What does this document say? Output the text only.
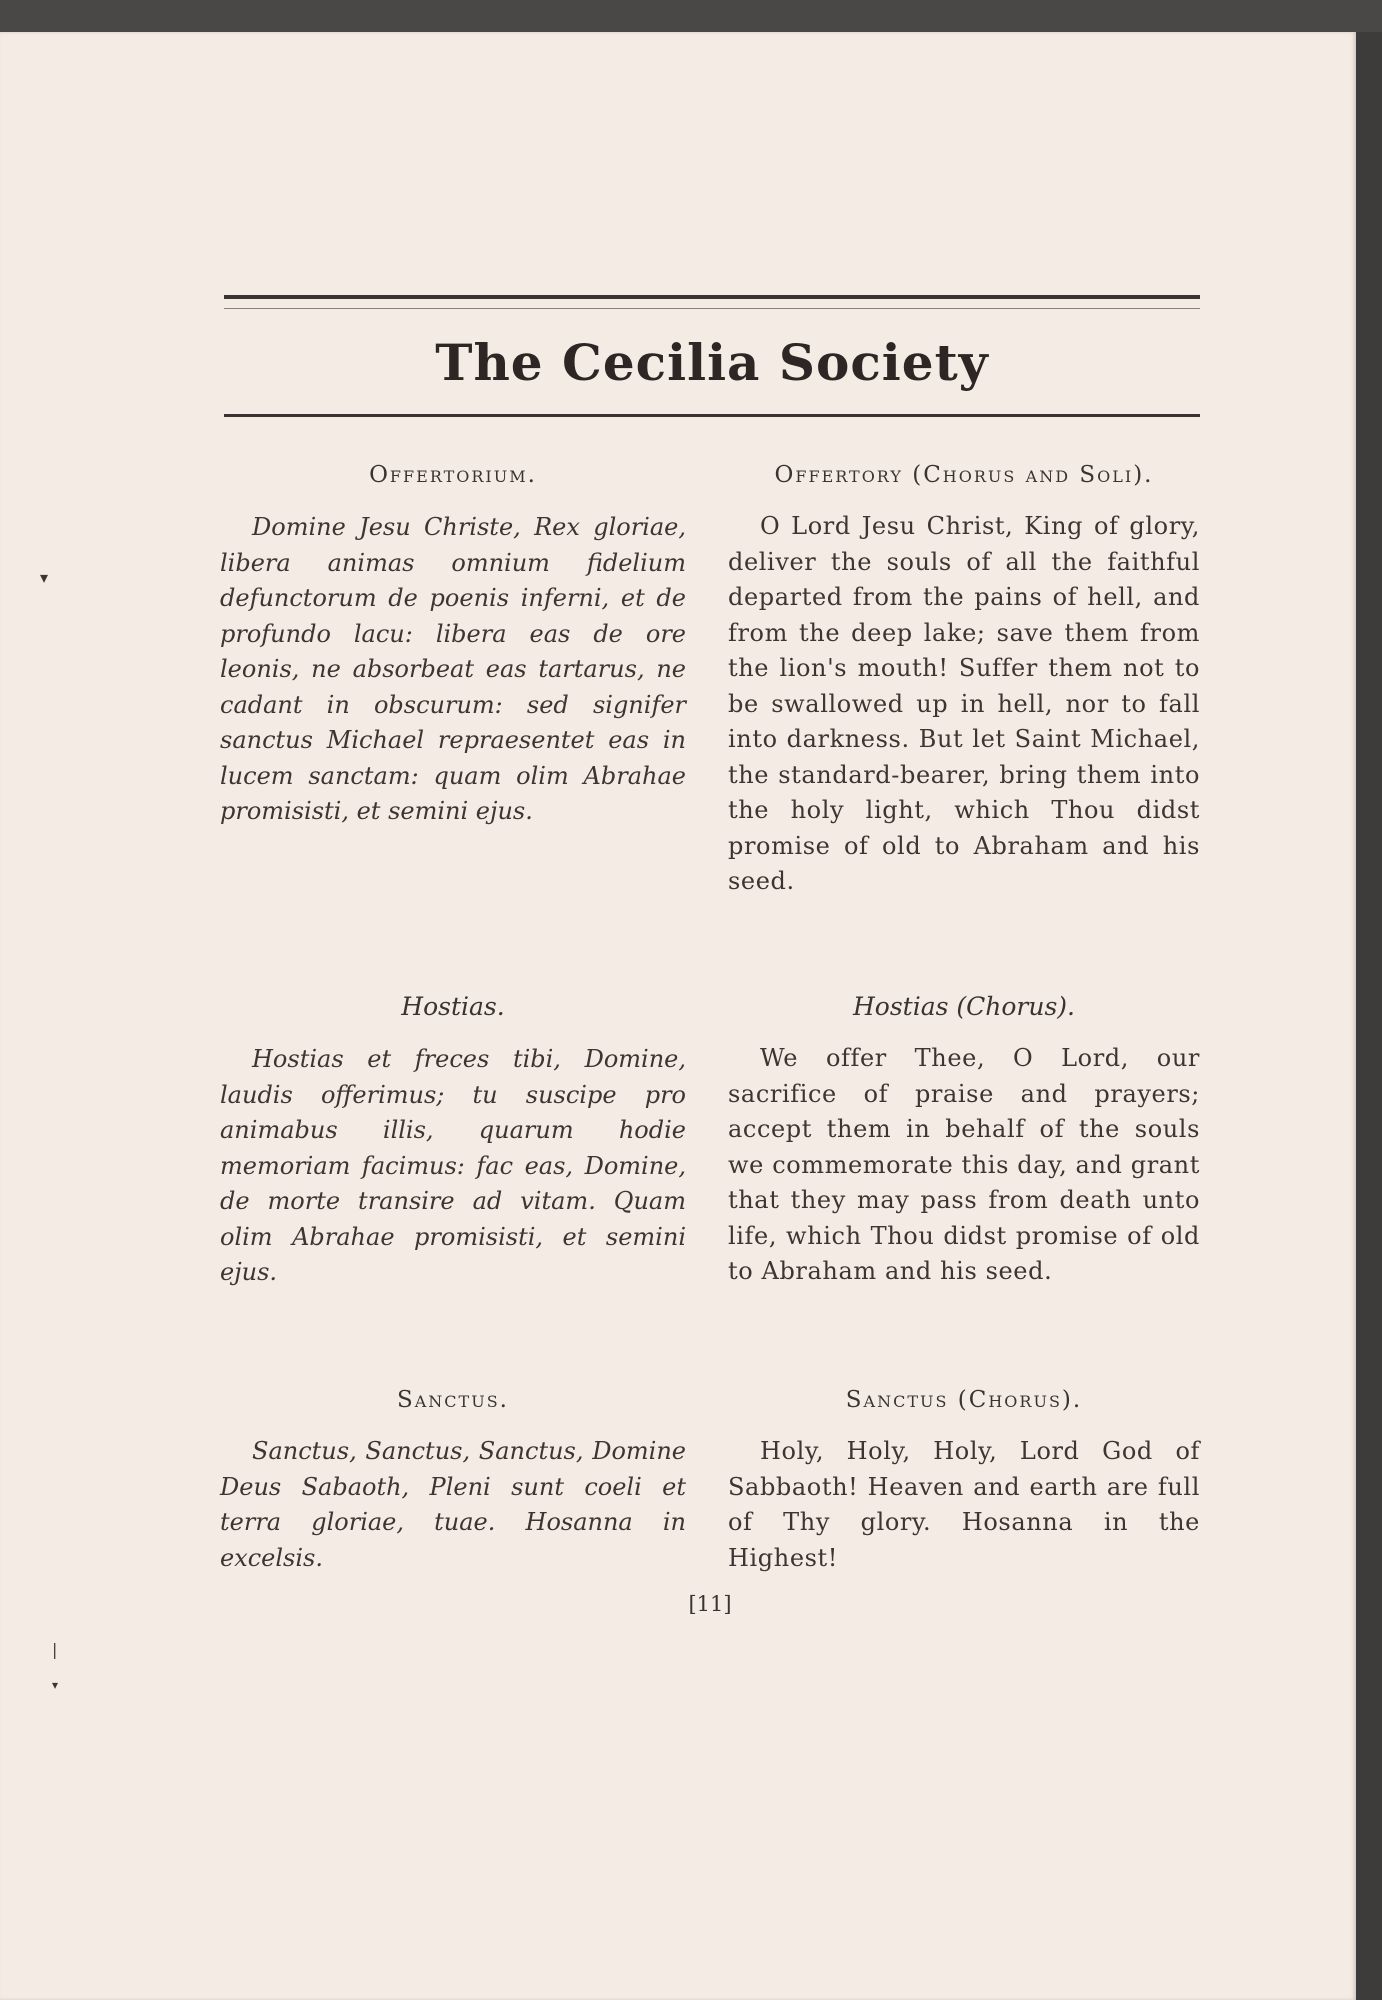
The Cecilia Society
▾
|
▾
Offertorium.	Offertory (Chorus and Soli).
Domine Jesu Christe, Rex gloriae, libera animas omnium fidelium defunctorum de poenis inferni, et de profundo lacu: libera eas de ore leonis, ne absorbeat eas tartarus, ne cadant in obscurum: sed signifer sanctus Michael repraesentet eas in lucem sanctam: quam olim Abrahae promisisti, et semini ejus.
O Lord Jesu Christ, King of glory, deliver the souls of all the faithful departed from the pains of hell, and from the deep lake; save them from the lion's mouth! Suffer them not to be swallowed up in hell, nor to fall into darkness. But let Saint Michael, the standard-bearer, bring them into the holy light, which Thou didst promise of old to Abraham and his seed.
Hostias.	Hostias (Chorus).
Hostias et freces tibi, Domine, laudis offerimus; tu suscipe pro animabus illis, quarum hodie memoriam facimus: fac eas, Domine, de morte transire ad vitam. Quam olim Abrahae promisisti, et semini ejus.
We offer Thee, O Lord, our sacrifice of praise and prayers; accept them in behalf of the souls we commemorate this day, and grant that they may pass from death unto life, which Thou didst promise of old to Abraham and his seed.
Sanctus.	Sanctus (Chorus).
Sanctus, Sanctus, Sanctus, Domine Deus Sabaoth, Pleni sunt coeli et terra gloriae, tuae. Hosanna in excelsis.
Holy, Holy, Holy, Lord God of Sabbaoth! Heaven and earth are full of Thy glory. Hosanna in the Highest!
[11]
